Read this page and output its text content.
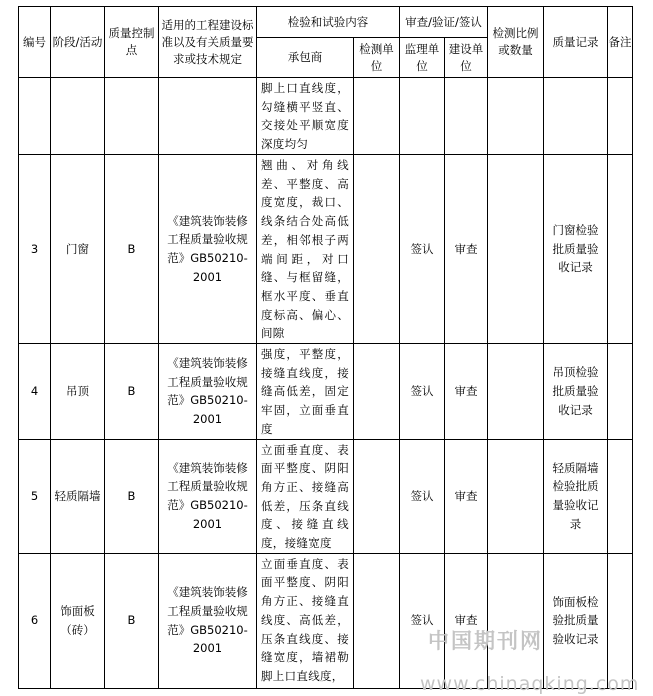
编号	阶段/活动	质量控制点	适用的工程建设标准以及有关质量要求或技术规定	检验和试验内容		审查/验证/签认		检测比例或数量	质量记录	备注
				承包商	检测单位	监理单位	建设单位			
				脚上口直线度，勾缝横平竖直、交接处平顺宽度深度均匀						
3	门窗	B	《建筑装饰装修工程质量验收规范》GB50210-2001	翘曲、对角线差、平整度、高度宽度，裁口、线条结合处高低差，相邻根子两端间距，对口缝、与框留缝，框水平度、垂直度标高、偏心、间隙		签认	审查		门窗检验批质量验收记录	
4	吊顶	B	《建筑装饰装修工程质量验收规范》GB50210-2001	强度，平整度，接缝直线度，接缝高低差，固定牢固，立面垂直度		签认	审查		吊顶检验批质量验收记录	
5	轻质隔墙	B	《建筑装饰装修工程质量验收规范》GB50210-2001	立面垂直度、表面平整度、阴阳角方正、接缝高低差，压条直线度、接缝直线度，接缝宽度		签认	审查		轻质隔墙检验批质量验收记录	
6	饰面板（砖）	B	《建筑装饰装修工程质量验收规范》GB50210-2001	立面垂直度、表面平整度、阴阳角方正、接缝直线度、高低差，压条直线度、接缝宽度，墙裙勒脚上口直线度，		签认	审查		饰面板检验批质量验收记录	
中国期刊网
www.chinaqking.com
